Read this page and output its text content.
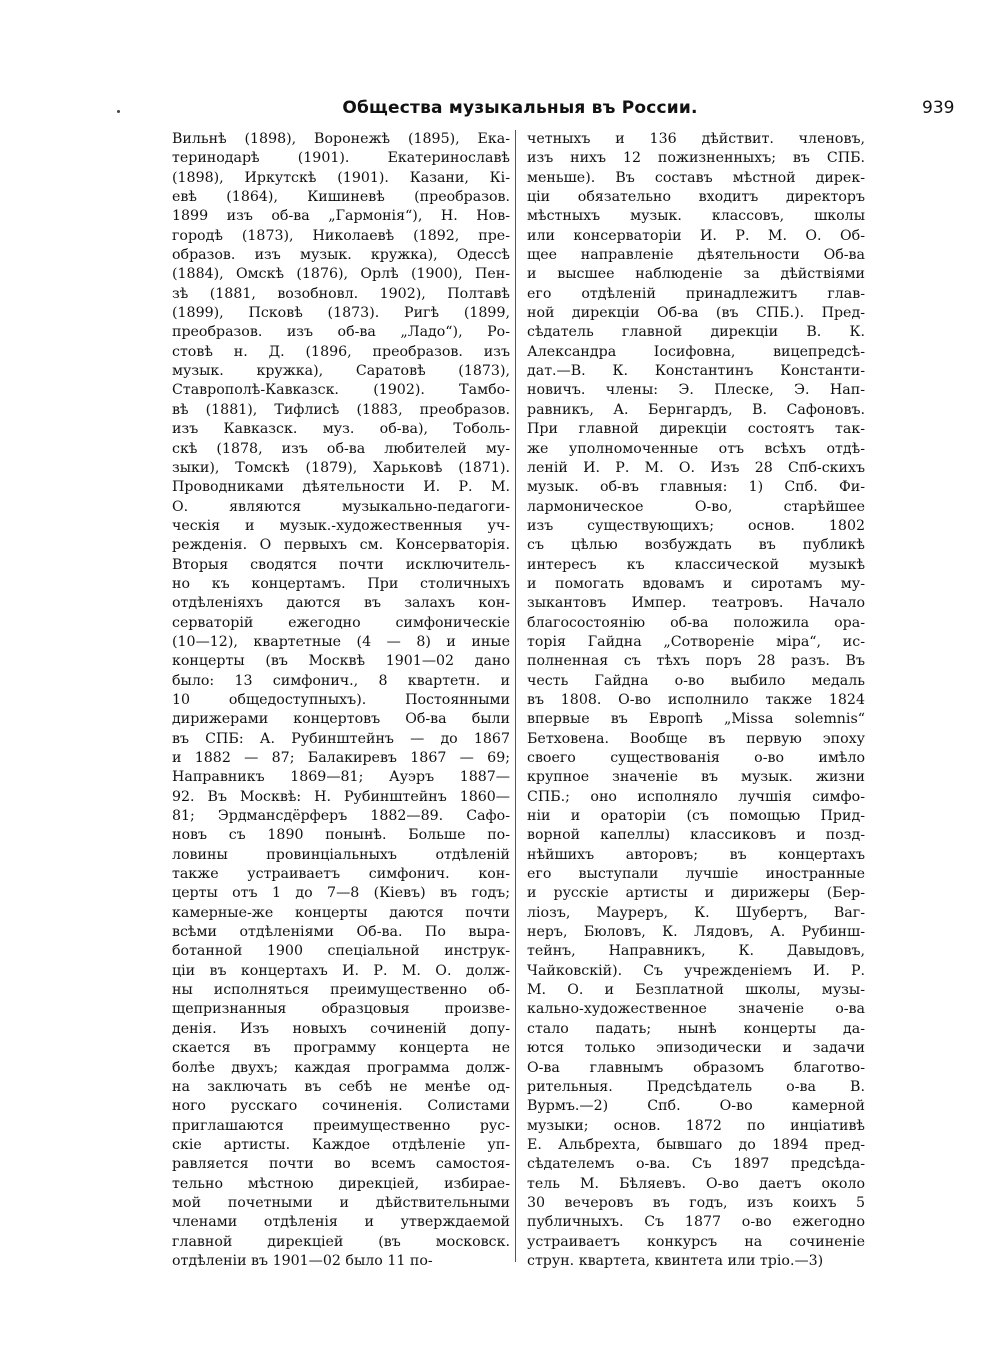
Общества музыкальныя въ России.	939
Вильнѣ (1898), Воронежѣ (1895), Ека-
теринодарѣ (1901). Екатеринославѣ
(1898), Иркутскѣ (1901). Казани, Кі-
евѣ (1864), Кишиневѣ (преобразов.
1899 изъ об-ва „Гармонія“), Н. Нов-
городѣ (1873), Николаевѣ (1892, пре-
образов. изъ музык. кружка), Одессѣ
(1884), Омскѣ (1876), Орлѣ (1900), Пен-
зѣ (1881, возобновл. 1902), Полтавѣ
(1899), Псковѣ (1873). Ригѣ (1899,
преобразов. изъ об-ва „Ладо“), Ро-
стовѣ н. Д. (1896, преобразов. изъ
музык. кружка), Саратовѣ (1873),
Ставрополѣ-Кавказск. (1902). Тамбо-
вѣ (1881), Тифлисѣ (1883, преобразов.
изъ Кавказск. муз. об-ва), Тоболь-
скѣ (1878, изъ об-ва любителей му-
зыки), Томскѣ (1879), Харьковѣ (1871).
Проводниками дѣятельности И. Р. М.
О. являются музыкально-педагоги-
ческія и музык.-художественныя уч-
режденія. О первыхъ см. Консерваторія.
Вторыя сводятся почти исключитель-
но къ концертамъ. При столичныхъ
отдѣленіяхъ даются въ залахъ кон-
серваторій ежегодно симфоническіе
(10—12), квартетные (4 — 8) и иные
концерты (въ Москвѣ 1901—02 дано
было: 13 симфонич., 8 квартетн. и
10 общедоступныхъ). Постоянными
дирижерами концертовъ Об-ва были
въ СПБ: А. Рубинштейнъ — до 1867
и 1882 — 87; Балакиревъ 1867 — 69;
Направникъ 1869—81; Ауэръ 1887—
92. Въ Москвѣ: Н. Рубинштейнъ 1860—
81; Эрдмансдёрферъ 1882—89. Сафо-
новъ съ 1890 понынѣ. Больше по-
ловины провинціальныхъ отдѣленій
также устраиваетъ симфонич. кон-
церты отъ 1 до 7—8 (Кіевъ) въ годъ;
камерные-же концерты даются почти
всѣми отдѣленіями Об-ва. По выра-
ботанной 1900 спеціальной инструк-
ціи въ концертахъ И. Р. М. О. долж-
ны исполняться преимущественно об-
щепризнанныя образцовыя произве-
денія. Изъ новыхъ сочиненій допу-
скается въ программу концерта не
болѣе двухъ; каждая программа долж-
на заключать въ себѣ не менѣе од-
ного русскаго сочиненія. Солистами
приглашаются преимущественно рус-
скіе артисты. Каждое отдѣленіе уп-
равляется почти во всемъ самостоя-
тельно мѣстною дирекціей, избирае-
мой почетными и дѣйствительными
членами отдѣленія и утверждаемой
главной дирекціей (въ московск.
отдѣленіи въ 1901—02 было 11 по-
четныхъ и 136 дѣйствит. членовъ,
изъ нихъ 12 пожизненныхъ; въ СПБ.
меньше). Въ составъ мѣстной дирек-
ціи обязательно входитъ директоръ
мѣстныхъ музык. классовъ, школы
или консерваторіи И. Р. М. О. Об-
щее направленіе дѣятельности Об-ва
и высшее наблюденіе за дѣйствіями
его отдѣленій принадлежитъ глав-
ной дирекціи Об-ва (въ СПБ.). Пред-
сѣдатель главной дирекціи В. К.
Александра Іосифовна, вицепредсѣ-
дат.—В. К. Константинъ Константи-
новичъ. члены: Э. Плеске, Э. Нап-
равникъ, А. Бернгардъ, В. Сафоновъ.
При главной дирекціи состоятъ так-
же уполномоченные отъ всѣхъ отдѣ-
леній И. Р. М. О. Изъ 28 Спб-скихъ
музык. об-въ главныя: 1) Спб. Фи-
лармоническое О-во, старѣйшее
изъ существующихъ; основ. 1802
съ цѣлью возбуждать въ публикѣ
интересъ къ классической музыкѣ
и помогать вдовамъ и сиротамъ му-
зыкантовъ Импер. театровъ. Начало
благосостоянію об-ва положила ора-
торія Гайдна „Сотвореніе міра“, ис-
полненная съ тѣхъ поръ 28 разъ. Въ
честь Гайдна о-во выбило медаль
въ 1808. О-во исполнило также 1824
впервые въ Европѣ „Missa solemnis“
Бетховена. Вообще въ первую эпоху
своего существованія о-во имѣло
крупное значеніе въ музык. жизни
СПБ.; оно исполняло лучшія симфо-
ніи и ораторіи (съ помощью Прид-
ворной капеллы) классиковъ и позд-
нѣйшихъ авторовъ; въ концертахъ
его выступали лучшіе иностранные
и русскіе артисты и дирижеры (Бер-
ліозъ, Мауреръ, К. Шубертъ, Ваг-
неръ, Бюловъ, К. Лядовъ, А. Рубинш-
тейнъ, Направникъ, К. Давыдовъ,
Чайковскій). Съ учрежденіемъ И. Р.
М. О. и Безплатной школы, музы-
кально-художественное значеніе о-ва
стало падать; нынѣ концерты да-
ются только эпизодически и задачи
О-ва главнымъ образомъ благотво-
рительныя. Предсѣдатель о-ва В.
Вурмъ.—2) Спб. О-во камерной
музыки; основ. 1872 по инціативѣ
Е. Альбрехта, бывшаго до 1894 пред-
сѣдателемъ о-ва. Съ 1897 предсѣда-
тель М. Бѣляевъ. О-во даетъ около
30 вечеровъ въ годъ, изъ коихъ 5
публичныхъ. Съ 1877 о-во ежегодно
устраиваетъ конкурсъ на сочиненіе
струн. квартета, квинтета или тріо.—3)
